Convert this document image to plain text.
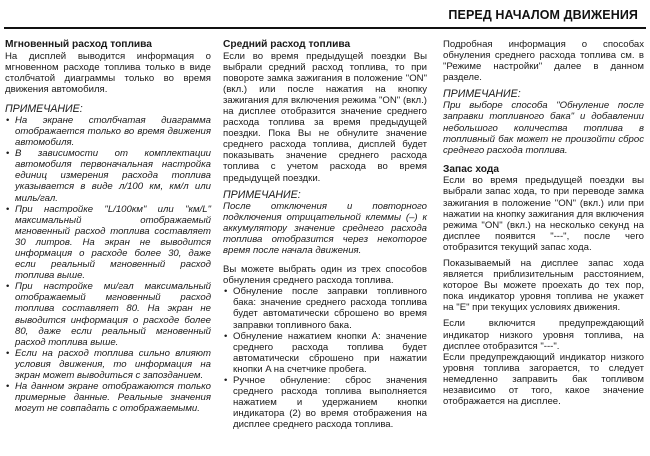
ПЕРЕД НАЧАЛОМ ДВИЖЕНИЯ

Мгновенный расход топлива

На дисплей выводится информация о мгновенном расходе топлива только в виде столбчатой диаграммы только во время движения автомобиля.

ПРИМЕЧАНИЕ:

• На экране столбчатая диаграмма отображается только во время движения автомобиля.
• В зависимости от комплектации автомобиля первоначальная настройка единиц измерения расхода топлива указывается в виде л/100 км, км/л или миль/гал.
• При настройке "L/100км" или "км/L" максимальный отображаемый мгновенный расход топлива составляет 30 литров. На экран не выводится информация о расходе более 30, даже если реальный мгновенный расход топлива выше.
• При настройке ми/гал максимальный отображаемый мгновенный расход топлива составляет 80. На экран не выводится информация о расходе более 80, даже если реальный мгновенный расход топлива выше.
• Если на расход топлива сильно влияют условия движения, то информация на экран может выводиться с запозданием.
• На данном экране отображаются только примерные данные. Реальные значения могут не совпадать с отображаемыми.

Средний расход топлива

Если во время предыдущей поездки Вы выбрали средний расход топлива, то при повороте замка зажигания в положение "ON" (вкл.) или после нажатия на кнопку зажигания для включения режима "ON" (вкл.) на дисплее отобразится значение среднего расхода топлива за время предыдущей поездки. Пока Вы не обнулите значение среднего расхода топлива, дисплей будет показывать значение среднего расхода топлива с учетом расхода во время предыдущей поездки.

ПРИМЕЧАНИЕ:

После отключения и повторного подключения отрицательной клеммы (–) к аккумулятору значение среднего расхода топлива отобразится через некоторое время после начала движения.

Вы можете выбрать один из трех способов обнуления среднего расхода топлива.

• Обнуление после заправки топливного бака: значение среднего расхода топлива будет автоматически сброшено во время заправки топливного бака.
• Обнуление нажатием кнопки A: значение среднего расхода топлива будет автоматически сброшено при нажатии кнопки A на счетчике пробега.
• Ручное обнуление: сброс значения среднего расхода топлива выполняется нажатием и удержанием кнопки индикатора (2) во время отображения на дисплее среднего расхода топлива.

Подробная информация о способах обнуления среднего расхода топлива см. в "Режиме настройки" далее в данном разделе.

ПРИМЕЧАНИЕ:

При выборе способа "Обнуление после заправки топливного бака" и добавлении небольшого количества топлива в топливный бак может не произойти сброс среднего расхода топлива.

Запас хода

Если во время предыдущей поездки вы выбрали запас хода, то при переводе замка зажигания в положение "ON" (вкл.) или при нажатии на кнопку зажигания для включения режима "ON" (вкл.) на несколько секунд на дисплее появится "---", после чего отобразится текущий запас хода.

Показываемый на дисплее запас хода является приблизительным расстоянием, которое Вы можете проехать до тех пор, пока индикатор уровня топлива не укажет на "E" при текущих условиях движения.

Если включится предупреждающий индикатор низкого уровня топлива, на дисплее отобразится "---".

Если предупреждающий индикатор низкого уровня топлива загорается, то следует немедленно заправить бак топливом независимо от того, какое значение отображается на дисплее.
